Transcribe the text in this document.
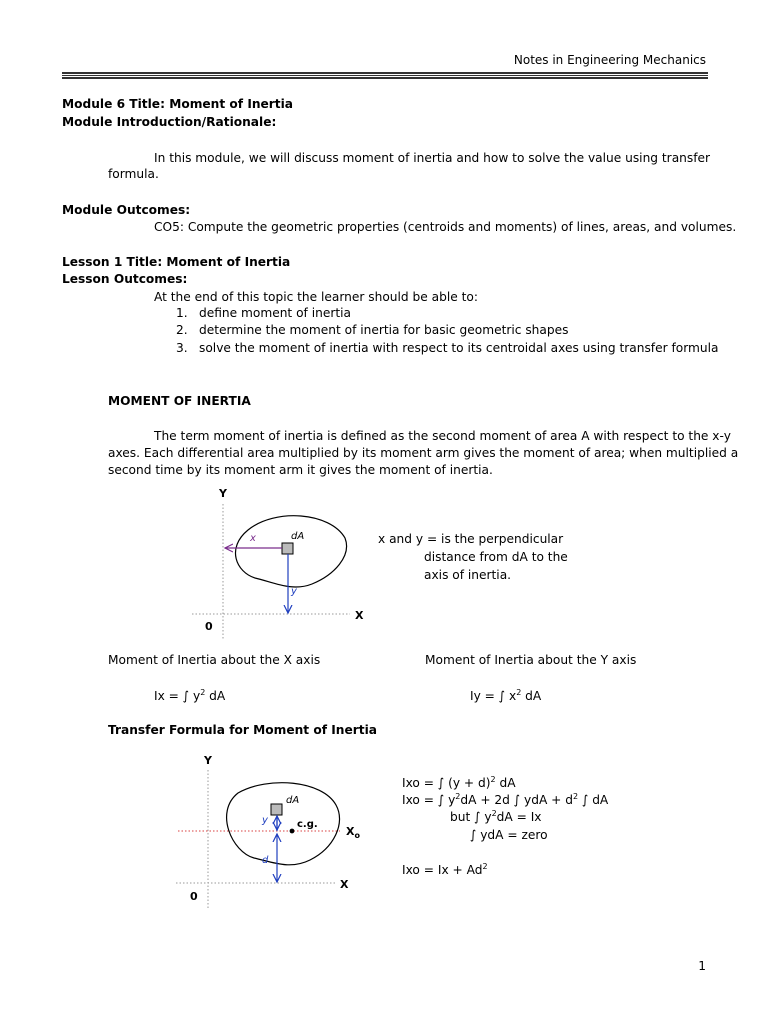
Notes in Engineering Mechanics
Module 6 Title: Moment of Inertia
Module Introduction/Rationale:
In this module, we will discuss moment of inertia and how to solve the value using transfer
formula.
Module Outcomes:
CO5: Compute the geometric properties (centroids and moments) of lines, areas, and volumes.
Lesson 1 Title: Moment of Inertia
Lesson Outcomes:
At the end of this topic the learner should be able to:
1. define moment of inertia
2. determine the moment of inertia for basic geometric shapes
3. solve the moment of inertia with respect to its centroidal axes using transfer formula
MOMENT OF INERTIA
The term moment of inertia is defined as the second moment of area A with respect to the x-y
axes. Each differential area multiplied by its moment arm gives the moment of area; when multiplied a
second time by its moment arm it gives the moment of inertia.
Y
X
0
dA
x
y
Y
X
0
dA
y
d
c.g.
$X_o$
x and y = is the perpendicular
distance from dA to the
axis of inertia.
Moment of Inertia about the X axis	Moment of Inertia about the Y axis
Ix = ∫ $y^2$ dA	Iy = ∫ $x^2$ dA
Transfer Formula for Moment of Inertia
Ixo = ∫ $(y + d)^2$ dA
Ixo = ∫ $y^2dA + 2d$ ∫ ydA + $d^2$ ∫ dA
but ∫ $y^2dA = Ix$
∫ ydA = zero
Ixo = $Ix + Ad^2$
1
